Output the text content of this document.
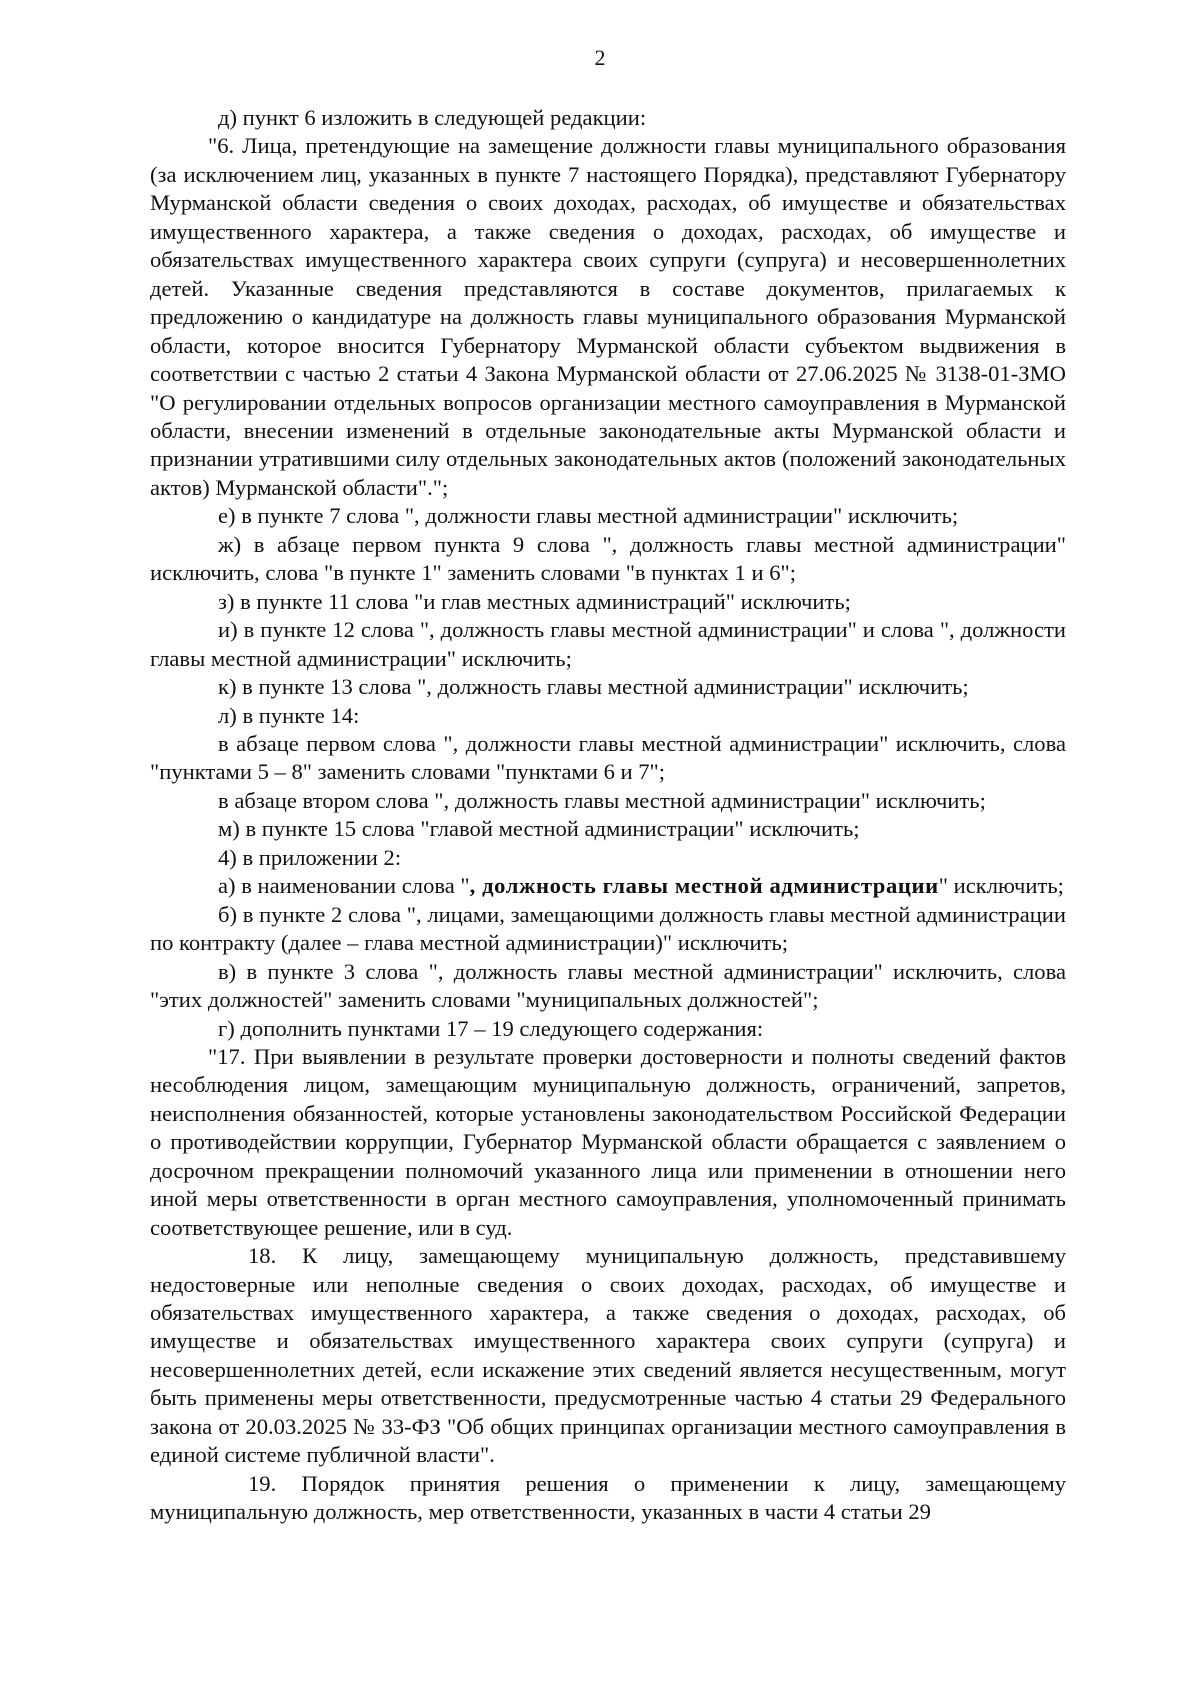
2

д) пункт 6 изложить в следующей редакции:

"6. Лица, претендующие на замещение должности главы муниципального образования (за исключением лиц, указанных в пункте 7 настоящего Порядка), представляют Губернатору Мурманской области сведения о своих доходах, расходах, об имуществе и обязательствах имущественного характера, а также сведения о доходах, расходах, об имуществе и обязательствах имущественного характера своих супруги (супруга) и несовершеннолетних детей. Указанные сведения представляются в составе документов, прилагаемых к предложению о кандидатуре на должность главы муниципального образования Мурманской области, которое вносится Губернатору Мурманской области субъектом выдвижения в соответствии с частью 2 статьи 4 Закона Мурманской области от 27.06.2025 № 3138-01-ЗМО "О регулировании отдельных вопросов организации местного самоуправления в Мурманской области, внесении изменений в отдельные законодательные акты Мурманской области и признании утратившими силу отдельных законодательных актов (положений законодательных актов) Мурманской области".";

е) в пункте 7 слова ", должности главы местной администрации" исключить;

ж) в абзаце первом пункта 9 слова ", должность главы местной администрации" исключить, слова "в пункте 1" заменить словами "в пунктах 1 и 6";

з) в пункте 11 слова "и глав местных администраций" исключить;

и) в пункте 12 слова ", должность главы местной администрации" и слова ", должности главы местной администрации" исключить;

к) в пункте 13 слова ", должность главы местной администрации" исключить;

л) в пункте 14:

в абзаце первом слова ", должности главы местной администрации" исключить, слова "пунктами 5 – 8" заменить словами "пунктами 6 и 7";

в абзаце втором слова ", должность главы местной администрации" исключить;

м) в пункте 15 слова "главой местной администрации" исключить;

4) в приложении 2:

а) в наименовании слова ", должность главы местной администрации" исключить;

б) в пункте 2 слова ", лицами, замещающими должность главы местной администрации по контракту (далее – глава местной администрации)" исключить;

в) в пункте 3 слова ", должность главы местной администрации" исключить, слова "этих должностей" заменить словами "муниципальных должностей";

г) дополнить пунктами 17 – 19 следующего содержания:

"17. При выявлении в результате проверки достоверности и полноты сведений фактов несоблюдения лицом, замещающим муниципальную должность, ограничений, запретов, неисполнения обязанностей, которые установлены законодательством Российской Федерации о противодействии коррупции, Губернатор Мурманской области обращается с заявлением о досрочном прекращении полномочий указанного лица или применении в отношении него иной меры ответственности в орган местного самоуправления, уполномоченный принимать соответствующее решение, или в суд.

18. К лицу, замещающему муниципальную должность, представившему недостоверные или неполные сведения о своих доходах, расходах, об имуществе и обязательствах имущественного характера, а также сведения о доходах, расходах, об имуществе и обязательствах имущественного характера своих супруги (супруга) и несовершеннолетних детей, если искажение этих сведений является несущественным, могут быть применены меры ответственности, предусмотренные частью 4 статьи 29 Федерального закона от 20.03.2025 № 33-ФЗ "Об общих принципах организации местного самоуправления в единой системе публичной власти".

19. Порядок принятия решения о применении к лицу, замещающему муниципальную должность, мер ответственности, указанных в части 4 статьи 29
